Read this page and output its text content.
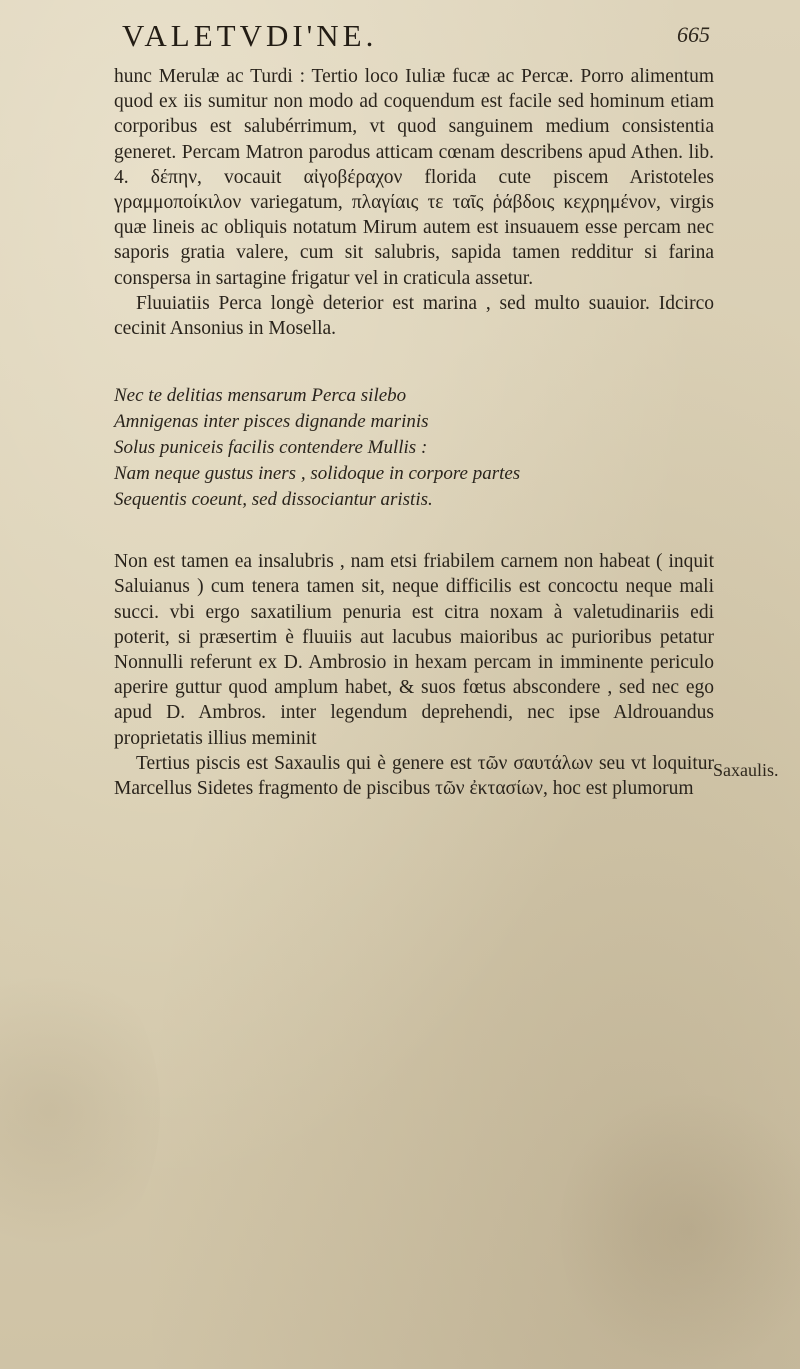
VALETVDI'NE.	665

hunc Merulæ ac Turdi : Tertio loco Iuliæ fucæ ac Percæ. Porro alimentum quod ex iis sumitur non modo ad coquendum est facile sed hominum etiam corporibus est salubérrimum, vt quod sanguinem medium consistentia generet. Percam Matron parodus atticam cœnam describens apud Athen. lib. 4. δέπην, vocauit αἰγοβέραχον florida cute piscem Aristoteles γραμμοποίκιλον variegatum, πλαγίαις τε ταῖς ῥάβδοις κεχρημένον, virgis quæ lineis ac obliquis notatum Mirum autem est insuauem esse percam nec saporis gratia valere, cum sit salubris, sapida tamen redditur si farina conspersa in sartagine frigatur vel in craticula assetur.

Fluuiatiis Perca longè deterior est marina , sed multo suauior. Idcirco cecinit Ansonius in Mosella.

Nec te delitias mensarum Perca silebo
Amnigenas inter pisces dignande marinis
Solus puniceis facilis contendere Mullis :
Nam neque gustus iners , solidoque in corpore partes
Sequentis coeunt, sed dissociantur aristis.

Non est tamen ea insalubris , nam etsi friabilem carnem non habeat ( inquit Saluianus ) cum tenera tamen sit, neque difficilis est concoctu neque mali succi. vbi ergo saxatilium penuria est citra noxam à valetudinariis edi poterit, si præsertim è fluuiis aut lacubus maioribus ac purioribus petatur Nonnulli referunt ex D. Ambrosio in hexam percam in imminente periculo aperire guttur quod amplum habet, & suos fœtus abscondere , sed nec ego apud D. Ambros. inter legendum deprehendi, nec ipse Aldrouandus proprietatis illius meminit

Tertius piscis est Saxaulis qui è genere est τῶν σαυτάλων seu vt loquitur Marcellus Sidetes fragmento de piscibus τῶν ἐκτασίων, hoc est plumorum

Saxaulis.
